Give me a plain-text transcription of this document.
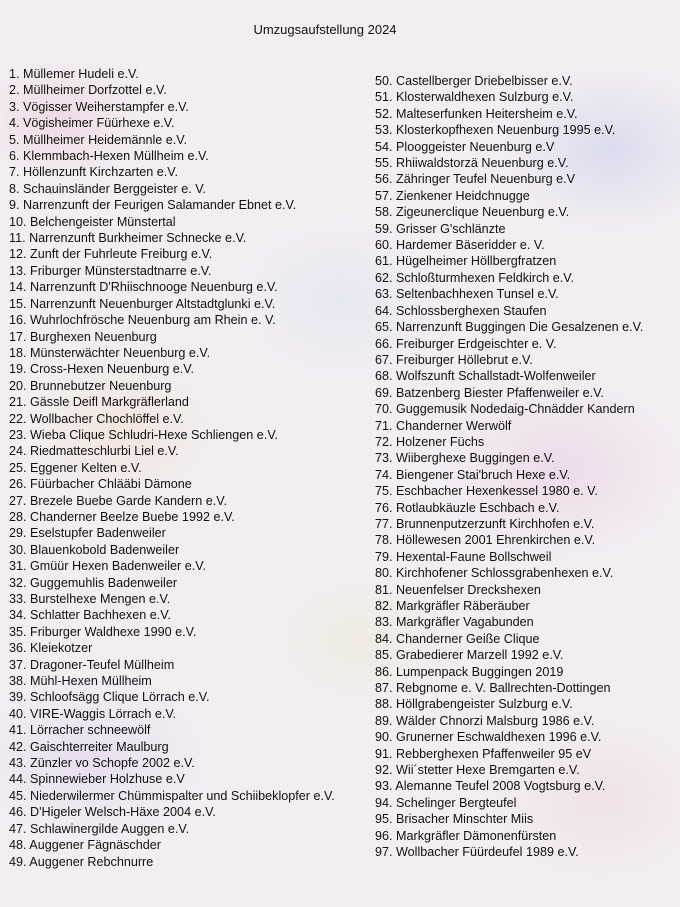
Umzugsaufstellung 2024
1. Müllemer Hudeli e.V.
2. Müllheimer Dorfzottel e.V.
3. Vögisser Weiherstampfer e.V.
4. Vögisheimer Füürhexe e.V.
5. Müllheimer Heidemännle e.V.
6. Klemmbach-Hexen Müllheim e.V.
7. Höllenzunft Kirchzarten e.V.
8. Schauinsländer Berggeister e. V.
9. Narrenzunft der Feurigen Salamander Ebnet e.V.
10. Belchengeister Münstertal
11. Narrenzunft Burkheimer Schnecke e.V.
12. Zunft der Fuhrleute Freiburg e.V.
13. Friburger Münsterstadtnarre e.V.
14. Narrenzunft D'Rhiischnooge Neuenburg e.V.
15. Narrenzunft Neuenburger Altstadtglunki e.V.
16. Wuhrlochfrösche Neuenburg am Rhein e. V.
17. Burghexen Neuenburg
18. Münsterwächter Neuenburg e.V.
19. Cross-Hexen Neuenburg e.V.
20. Brunnebutzer Neuenburg
21. Gässle Deifl Markgräflerland
22. Wollbacher Chochlöffel e.V.
23. Wieba Clique Schludri-Hexe Schliengen e.V.
24. Riedmatteschlurbi Liel e.V.
25. Eggener Kelten e.V.
26. Füürbacher Chlääbi Dämone
27. Brezele Buebe Garde Kandern e.V.
28. Chanderner Beelze Buebe 1992 e.V.
29. Eselstupfer Badenweiler
30. Blauenkobold Badenweiler
31. Gmüür Hexen Badenweiler e.V.
32. Guggemuhlis Badenweiler
33. Burstelhexe Mengen e.V.
34. Schlatter Bachhexen e.V.
35. Friburger Waldhexe 1990 e.V.
36. Kleiekotzer
37. Dragoner-Teufel Müllheim
38. Mühl-Hexen Müllheim
39. Schloofsägg Clique Lörrach e.V.
40. VIRE-Waggis Lörrach e.V.
41. Lörracher schneewölf
42. Gaischterreiter Maulburg
43. Zünzler vo Schopfe 2002 e.V.
44. Spinnewieber Holzhuse e.V
45. Niederwilermer Chümmispalter und Schiibeklopfer e.V.
46. D'Higeler Welsch-Häxe 2004 e.V.
47. Schlawinergilde Auggen e.V.
48. Auggener Fägnäschder
49. Auggener Rebchnurre
50. Castellberger Driebelbisser e.V.
51. Klosterwaldhexen Sulzburg e.V.
52. Malteserfunken Heitersheim e.V.
53. Klosterkopfhexen Neuenburg 1995 e.V.
54. Plooggeister Neuenburg e.V
55. Rhiiwaldstorzä Neuenburg e.V.
56. Zähringer Teufel Neuenburg e.V
57. Zienkener Heidchnugge
58. Zigeunerclique Neuenburg e.V.
59. Grisser G'schlänzte
60. Hardemer Bäseridder e. V.
61. Hügelheimer Höllbergfratzen
62. Schloßturmhexen Feldkirch e.V.
63. Seltenbachhexen Tunsel e.V.
64. Schlossberghexen Staufen
65. Narrenzunft Buggingen Die Gesalzenen e.V.
66. Freiburger Erdgeischter e. V.
67. Freiburger Höllebrut e.V.
68. Wolfszunft Schallstadt-Wolfenweiler
69. Batzenberg Biester Pfaffenweiler e.V.
70. Guggemusik Nodedaig-Chnädder Kandern
71. Chanderner Werwölf
72. Holzener Füchs
73. Wiiberghexe Buggingen e.V.
74. Biengener Stai'bruch Hexe e.V.
75. Eschbacher Hexenkessel 1980 e. V.
76. Rotlaubkäuzle Eschbach e.V.
77. Brunnenputzerzunft Kirchhofen e.V.
78. Höllewesen 2001 Ehrenkirchen e.V.
79. Hexental-Faune Bollschweil
80. Kirchhofener Schlossgrabenhexen e.V.
81. Neuenfelser Dreckshexen
82. Markgräfler Räberäuber
83. Markgräfler Vagabunden
84. Chanderner Geiße Clique
85. Grabedierer Marzell 1992 e.V.
86. Lumpenpack Buggingen 2019
87. Rebgnome e. V. Ballrechten-Dottingen
88. Höllgrabengeister Sulzburg e.V.
89. Wälder Chnorzi Malsburg 1986 e.V.
90. Grunerner Eschwaldhexen 1996 e.V.
91. Rebberghexen Pfaffenweiler 95 eV
92. Wii´stetter Hexe Bremgarten e.V.
93. Alemanne Teufel 2008 Vogtsburg e.V.
94. Schelinger Bergteufel
95. Brisacher Minschter Miis
96. Markgräfler Dämonenfürsten
97. Wollbacher Füürdeufel 1989 e.V.
